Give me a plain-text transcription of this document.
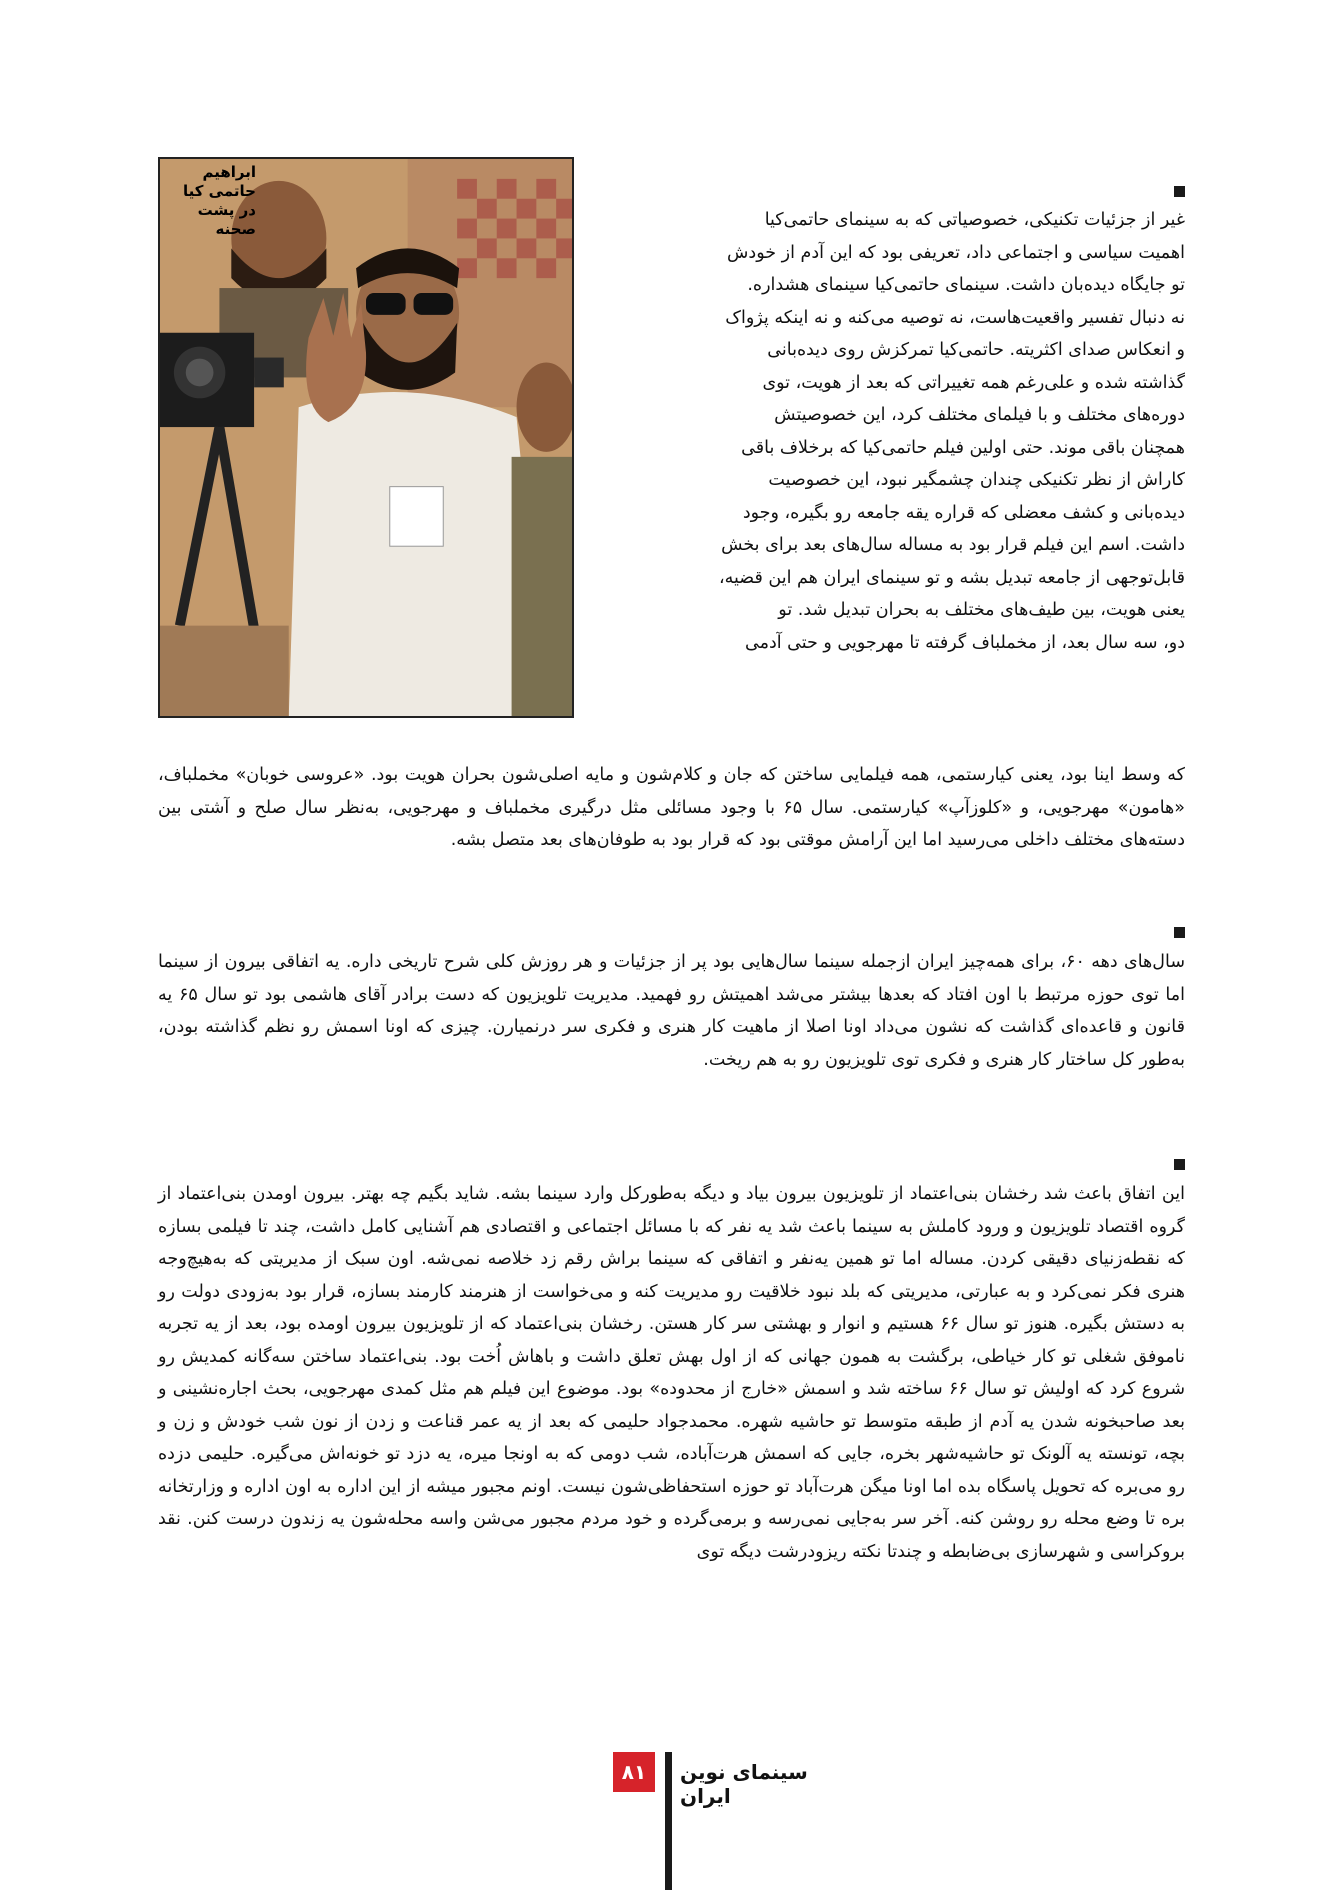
ابراهیم حاتمی کیا
در پشت صحنه	غیر از جزئیات تکنیکی، خصوصیاتی که به سینمای حاتمی‌کیا

اهمیت سیاسی و اجتماعی داد، تعریفی بود که این آدم از خودش

تو جایگاه دیده‌بان داشت. سینمای حاتمی‌کیا سینمای هشداره.

نه دنبال تفسیر واقعیت‌هاست، نه توصیه می‌کنه و نه اینکه پژواک

و انعکاس صدای اکثریته. حاتمی‌کیا تمرکزش روی دیده‌بانی

گذاشته شده و علی‌رغم همه تغییراتی که بعد از هویت، توی

دوره‌های مختلف و با فیلمای مختلف کرد، این خصوصیتش

همچنان باقی موند. حتی اولین فیلم حاتمی‌کیا که برخلاف باقی

کاراش از نظر تکنیکی چندان چشمگیر نبود، این خصوصیت

دیده‌بانی و کشف معضلی که قراره یقه جامعه رو بگیره، وجود

داشت. اسم این فیلم قرار بود به مساله سال‌های بعد برای بخش

قابل‌توجهی از جامعه تبدیل بشه و تو سینمای ایران هم این قضیه،

یعنی هویت، بین طیف‌های مختلف به بحران تبدیل شد. تو

دو، سه سال بعد، از مخملباف گرفته تا مهرجویی و حتی آدمی

که وسط اینا بود، یعنی کیارستمی، همه فیلمایی ساختن که جان و کلام‌شون و مایه اصلی‌شون بحران هویت بود. «عروسی خوبان» مخملباف، «هامون» مهرجویی، و «کلوزآپ» کیارستمی. سال ۶۵ با وجود مسائلی مثل درگیری مخملباف و مهرجویی، به‌نظر سال صلح و آشتی بین دسته‌های مختلف داخلی می‌رسید اما این آرامش موقتی بود که قرار بود به طوفان‌های بعد متصل بشه.

سال‌های دهه ۶۰، برای همه‌چیز ایران ازجمله سینما سال‌هایی بود پر از جزئیات و هر روزش کلی شرح تاریخی داره. یه اتفاقی بیرون از سینما اما توی حوزه مرتبط با اون افتاد که بعدها بیشتر می‌شد اهمیتش رو فهمید. مدیریت تلویزیون که دست برادر آقای هاشمی بود تو سال ۶۵ یه قانون و قاعده‌ای گذاشت که نشون می‌داد اونا اصلا از ماهیت کار هنری و فکری سر درنمیارن. چیزی که اونا اسمش رو نظم گذاشته بودن، به‌طور کل ساختار کار هنری و فکری توی تلویزیون رو به هم ریخت.

این اتفاق باعث شد رخشان بنی‌اعتماد از تلویزیون بیرون بیاد و دیگه به‌طورکل وارد سینما بشه. شاید بگیم چه بهتر. بیرون اومدن بنی‌اعتماد از گروه اقتصاد تلویزیون و ورود کاملش به سینما باعث شد یه نفر که با مسائل اجتماعی و اقتصادی هم آشنایی کامل داشت، چند تا فیلمی بسازه که نقطه‌زنیای دقیقی کردن. مساله اما تو همین یه‌نفر و اتفاقی که سینما براش رقم زد خلاصه نمی‌شه. اون سبک از مدیریتی که به‌هیچ‌وجه هنری فکر نمی‌کرد و به عبارتی، مدیریتی که بلد نبود خلاقیت رو مدیریت کنه و می‌خواست از هنرمند کارمند بسازه، قرار بود به‌زودی دولت رو به دستش بگیره. هنوز تو سال ۶۶ هستیم و انوار و بهشتی سر کار هستن. رخشان بنی‌اعتماد که از تلویزیون بیرون اومده بود، بعد از یه تجربه ناموفق شغلی تو کار خیاطی، برگشت به همون جهانی که از اول بهش تعلق داشت و باهاش اُخت بود. بنی‌اعتماد ساختن سه‌گانه کمدیش رو شروع کرد که اولیش تو سال ۶۶ ساخته شد و اسمش «خارج از محدوده» بود. موضوع این فیلم هم مثل کمدی مهرجویی، بحث اجاره‌نشینی و بعد صاحبخونه شدن یه آدم از طبقه متوسط تو حاشیه شهره. محمدجواد حلیمی که بعد از یه عمر قناعت و زدن از نون شب خودش و زن و بچه، تونسته یه آلونک تو حاشیه‌شهر بخره، جایی که اسمش هرت‌آباده، شب دومی که به اونجا میره، یه دزد تو خونه‌اش می‌گیره. حلیمی دزده رو می‌بره که تحویل پاسگاه بده اما اونا میگن هرت‌آباد تو حوزه استحفاظی‌شون نیست. اونم مجبور میشه از این اداره به اون اداره و وزارتخانه بره تا وضع محله رو روشن کنه. آخر سر به‌جایی نمی‌رسه و برمی‌گرده و خود مردم مجبور می‌شن واسه محله‌شون یه زندون درست کنن. نقد بروکراسی و شهرسازی بی‌ضابطه و چندتا نکته ریزودرشت دیگه توی

سینمای نوین ایران
۸۱
